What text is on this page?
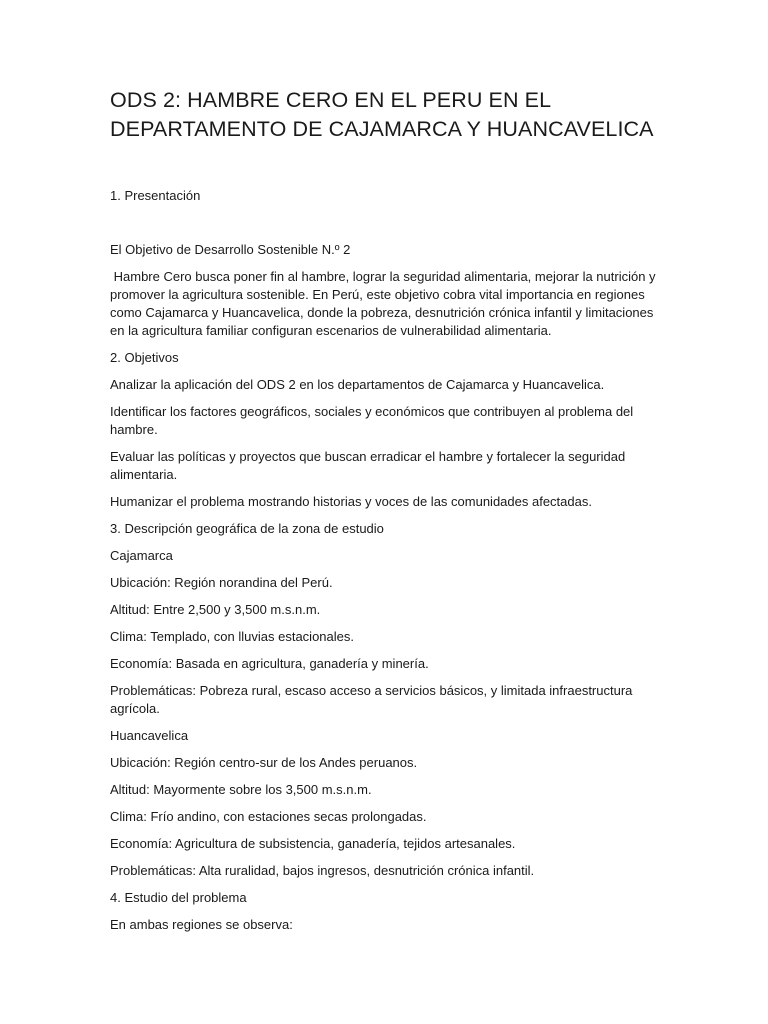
ODS 2: HAMBRE CERO EN EL PERU EN EL
DEPARTAMENTO DE CAJAMARCA Y HUANCAVELICA

1. Presentación

El Objetivo de Desarrollo Sostenible N.º 2

Hambre Cero busca poner fin al hambre, lograr la seguridad alimentaria, mejorar la nutrición y promover la agricultura sostenible. En Perú, este objetivo cobra vital importancia en regiones como Cajamarca y Huancavelica, donde la pobreza, desnutrición crónica infantil y limitaciones en la agricultura familiar configuran escenarios de vulnerabilidad alimentaria.

2. Objetivos

Analizar la aplicación del ODS 2 en los departamentos de Cajamarca y Huancavelica.

Identificar los factores geográficos, sociales y económicos que contribuyen al problema del hambre.

Evaluar las políticas y proyectos que buscan erradicar el hambre y fortalecer la seguridad alimentaria.

Humanizar el problema mostrando historias y voces de las comunidades afectadas.

3. Descripción geográfica de la zona de estudio

Cajamarca

Ubicación: Región norandina del Perú.

Altitud: Entre 2,500 y 3,500 m.s.n.m.

Clima: Templado, con lluvias estacionales.

Economía: Basada en agricultura, ganadería y minería.

Problemáticas: Pobreza rural, escaso acceso a servicios básicos, y limitada infraestructura agrícola.

Huancavelica

Ubicación: Región centro-sur de los Andes peruanos.

Altitud: Mayormente sobre los 3,500 m.s.n.m.

Clima: Frío andino, con estaciones secas prolongadas.

Economía: Agricultura de subsistencia, ganadería, tejidos artesanales.

Problemáticas: Alta ruralidad, bajos ingresos, desnutrición crónica infantil.

4. Estudio del problema

En ambas regiones se observa:
